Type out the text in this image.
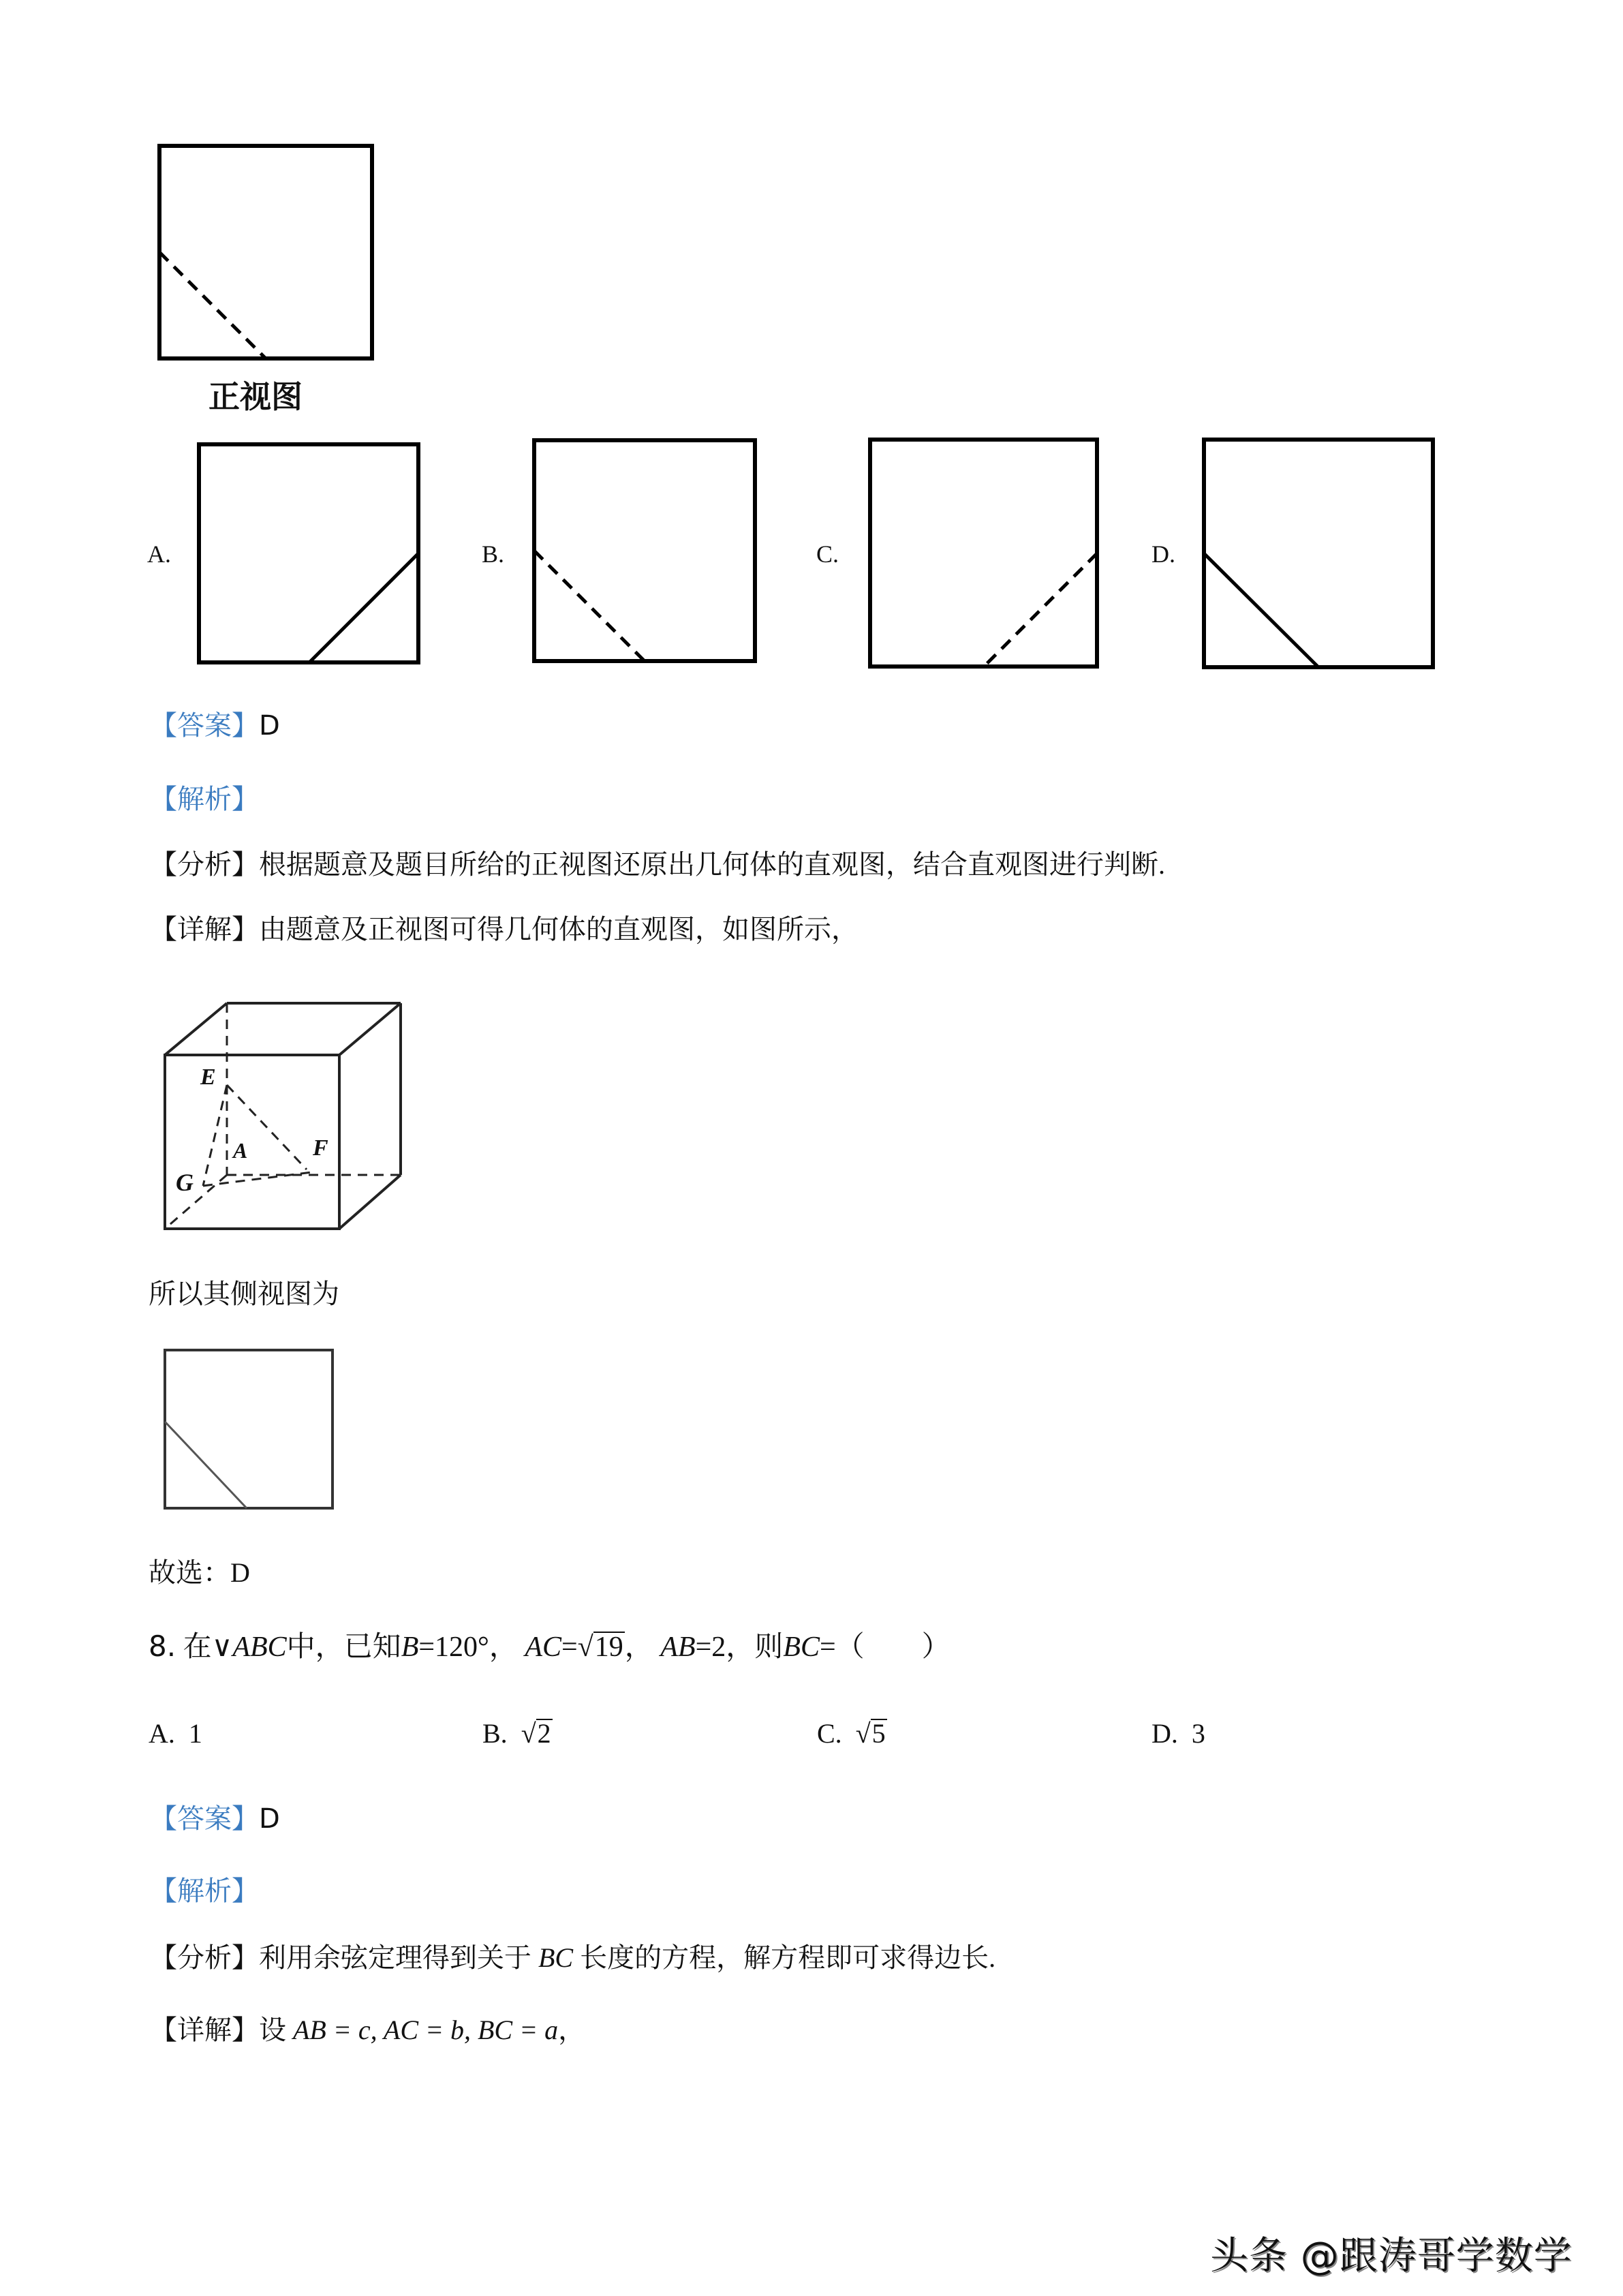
正视图
A.	B.	C.	D.
【答案】D
【解析】
【分析】根据题意及题目所给的正视图还原出几何体的直观图，结合直观图进行判断.
【详解】由题意及正视图可得几何体的直观图，如图所示，
E
A	F
G
所以其侧视图为
故选：D
8. 在∨ABC中，已知B=120°， AC=√19， AB=2，则BC=（　　）
A. 1	B. √2	C. √5	D. 3
【答案】D
【解析】
【分析】利用余弦定理得到关于 BC 长度的方程，解方程即可求得边长.
【详解】设 AB = c, AC = b, BC = a，
头条 @跟涛哥学数学
